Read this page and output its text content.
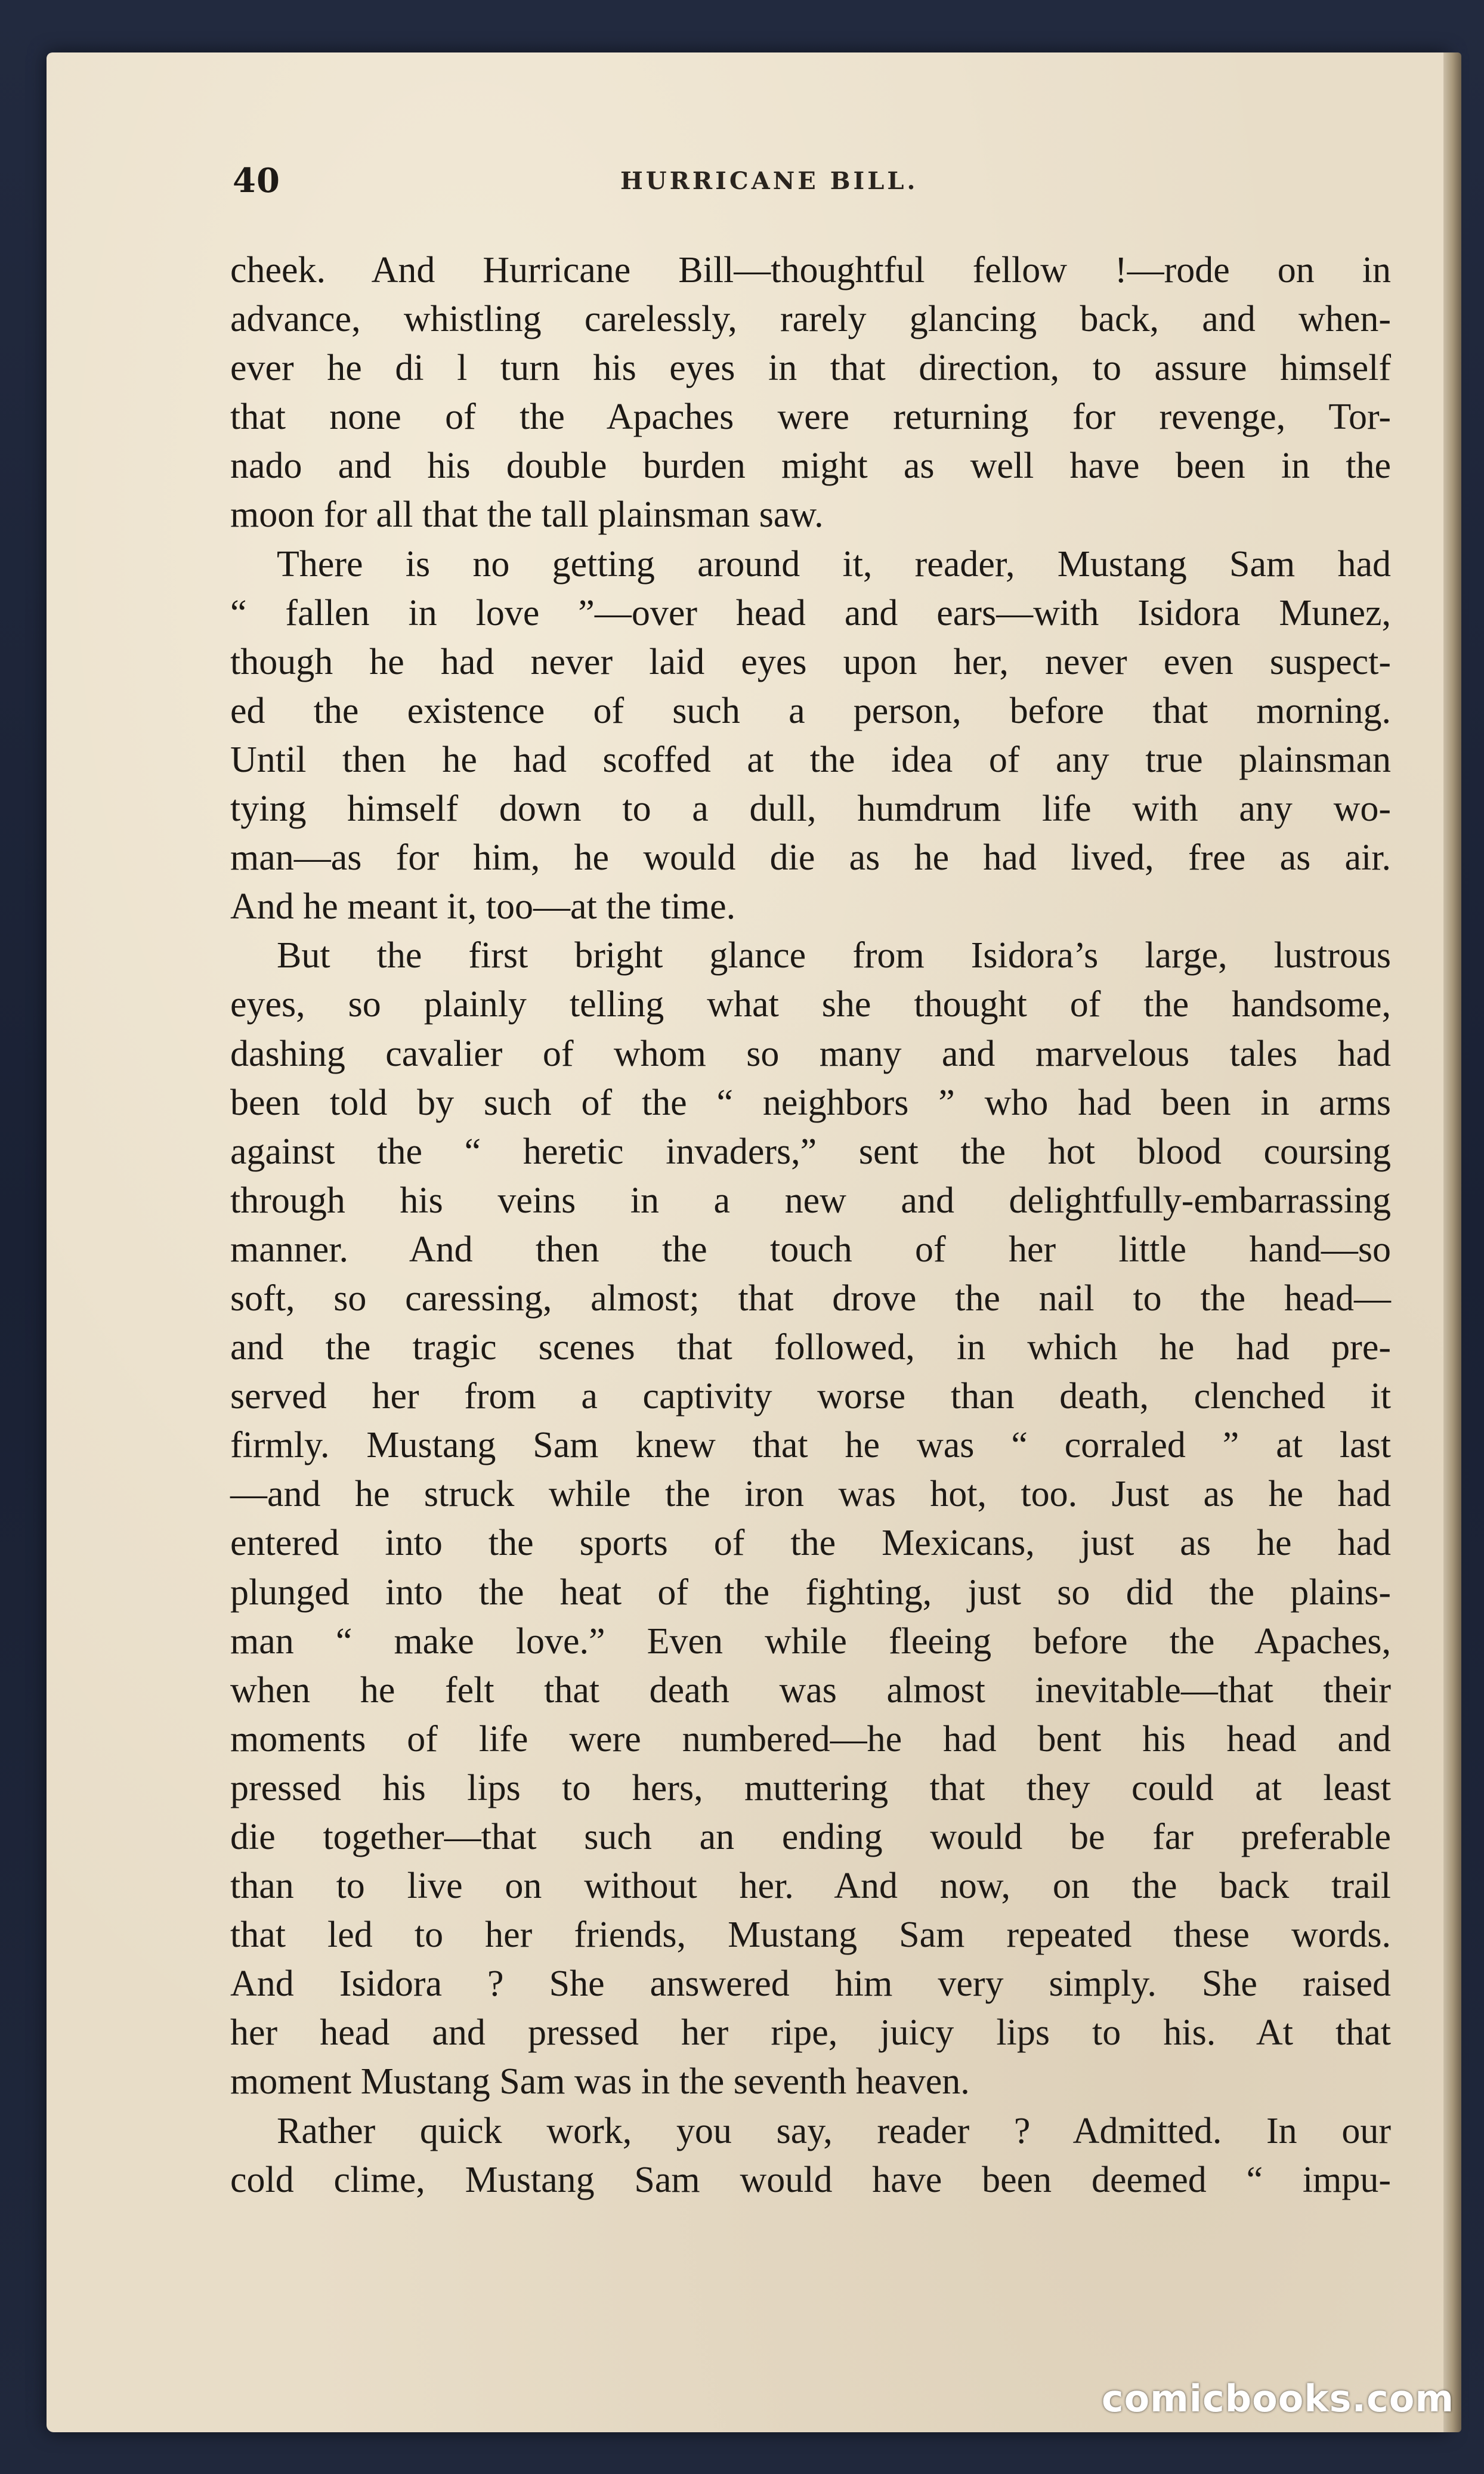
40	HURRICANE BILL.
cheek. And Hurricane Bill—thoughtful fellow !—rode on in
advance, whistling carelessly, rarely glancing back, and when-
ever he di l turn his eyes in that direction, to assure himself
that none of the Apaches were returning for revenge, Tor-
nado and his double burden might as well have been in the
moon for all that the tall plainsman saw.
There is no getting around it, reader, Mustang Sam had
“ fallen in love ”—over head and ears—with Isidora Munez,
though he had never laid eyes upon her, never even suspect-
ed the existence of such a person, before that morning.
Until then he had scoffed at the idea of any true plainsman
tying himself down to a dull, humdrum life with any wo-
man—as for him, he would die as he had lived, free as air.
And he meant it, too—at the time.
But the first bright glance from Isidora’s large, lustrous
eyes, so plainly telling what she thought of the handsome,
dashing cavalier of whom so many and marvelous tales had
been told by such of the “ neighbors ” who had been in arms
against the “ heretic invaders,” sent the hot blood coursing
through his veins in a new and delightfully-embarrassing
manner. And then the touch of her little hand—so
soft, so caressing, almost; that drove the nail to the head—
and the tragic scenes that followed, in which he had pre-
served her from a captivity worse than death, clenched it
firmly. Mustang Sam knew that he was “ corraled ” at last
—and he struck while the iron was hot, too. Just as he had
entered into the sports of the Mexicans, just as he had
plunged into the heat of the fighting, just so did the plains-
man “ make love.” Even while fleeing before the Apaches,
when he felt that death was almost inevitable—that their
moments of life were numbered—he had bent his head and
pressed his lips to hers, muttering that they could at least
die together—that such an ending would be far preferable
than to live on without her. And now, on the back trail
that led to her friends, Mustang Sam repeated these words.
And Isidora ? She answered him very simply. She raised
her head and pressed her ripe, juicy lips to his. At that
moment Mustang Sam was in the seventh heaven.
Rather quick work, you say, reader ? Admitted. In our
cold clime, Mustang Sam would have been deemed “ impu-
comicbooks.com
